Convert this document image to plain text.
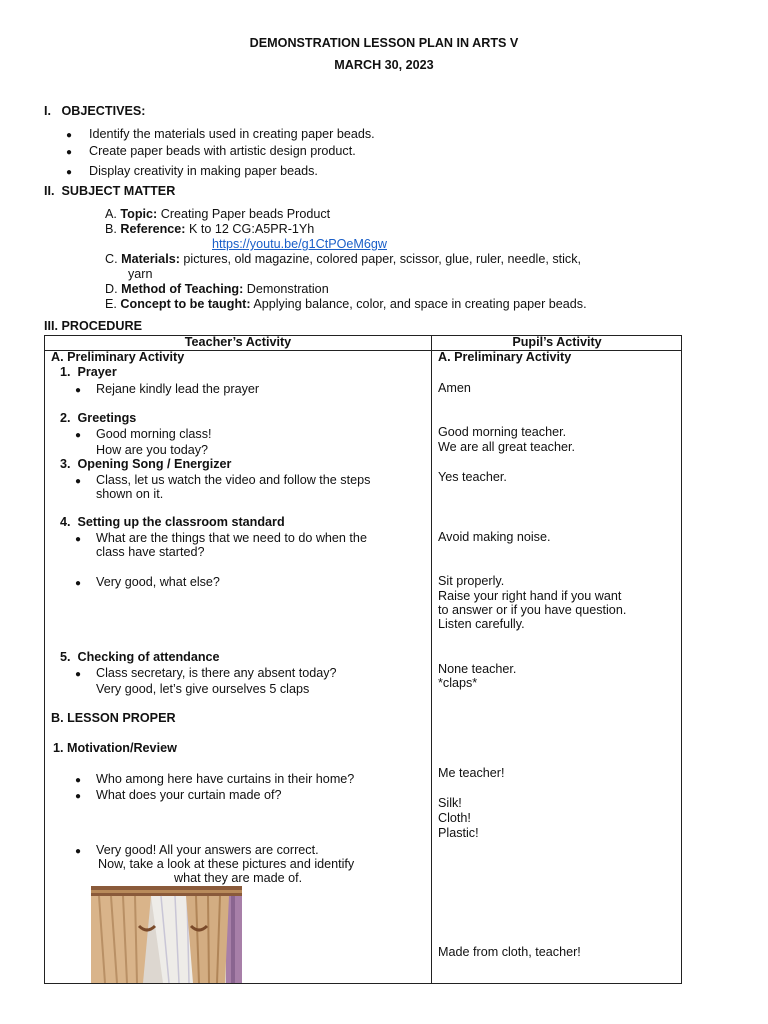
DEMONSTRATION LESSON PLAN IN ARTS V
MARCH 30, 2023
I.   OBJECTIVES:
● Identify the materials used in creating paper beads.
● Create paper beads with artistic design product.
● Display creativity in making paper beads.
II.  SUBJECT MATTER
A. Topic: Creating Paper beads Product
B. Reference: K to 12 CG:A5PR-1Yh
https://youtu.be/g1CtPOeM6gw
C. Materials: pictures, old magazine, colored paper, scissor, glue, ruler, needle, stick,
yarn
D. Method of Teaching: Demonstration
E. Concept to be taught: Applying balance, color, and space in creating paper beads.
III. PROCEDURE
Teacher’s Activity	Pupil’s Activity
A. Preliminary Activity
1.  Prayer
● Rejane kindly lead the prayer
2.  Greetings
● Good morning class!
How are you today?
3.  Opening Song / Energizer
● Class, let us watch the video and follow the steps
shown on it.
4.  Setting up the classroom standard
● What are the things that we need to do when the
class have started?
● Very good, what else?
5.  Checking of attendance
● Class secretary, is there any absent today?
Very good, let’s give ourselves 5 claps
B. LESSON PROPER
1. Motivation/Review
● Who among here have curtains in their home?
● What does your curtain made of?
● Very good! All your answers are correct.
Now, take a look at these pictures and identify
what they are made of.
A. Preliminary Activity
Amen
Good morning teacher.
We are all great teacher.
Yes teacher.
Avoid making noise.
Sit properly.
Raise your right hand if you want
to answer or if you have question.
Listen carefully.
None teacher.
*claps*
Me teacher!
Silk!
Cloth!
Plastic!
Made from cloth, teacher!
